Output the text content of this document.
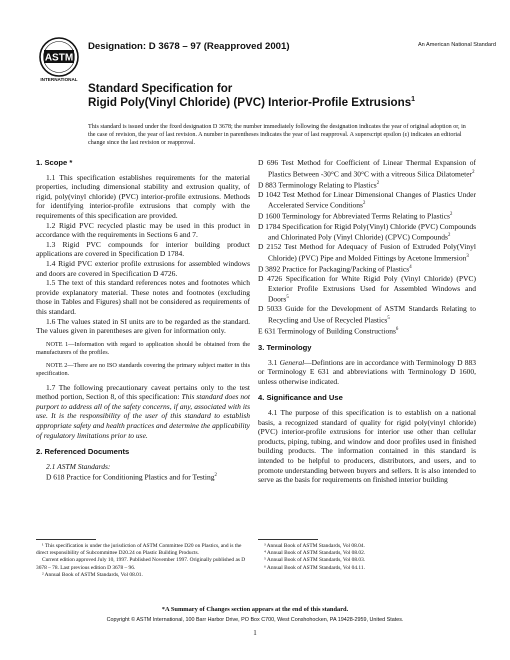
ASTM
INTERNATIONAL
Designation: D 3678 – 97 (Reapproved 2001)	An American National Standard
Standard Specification for
Rigid Poly(Vinyl Chloride) (PVC) Interior-Profile Extrusions$^1$
This standard is issued under the fixed designation D 3678; the number immediately following the designation indicates the year of original adoption or, in the case of revision, the year of last revision. A number in parentheses indicates the year of last reapproval. A superscript epsilon (ε) indicates an editorial change since the last revision or reapproval.
1. Scope *
1.1 This specification establishes requirements for the material properties, including dimensional stability and extrusion quality, of rigid, poly(vinyl chloride) (PVC) interior-profile extrusions. Methods for identifying interior-profile extrusions that comply with the requirements of this specification are provided.
1.2 Rigid PVC recycled plastic may be used in this product in accordance with the requirements in Sections 6 and 7.
1.3 Rigid PVC compounds for interior building product applications are covered in Specification D 1784.
1.4 Rigid PVC exterior profile extrusions for assembled windows and doors are covered in Specification D 4726.
1.5 The text of this standard references notes and footnotes which provide explanatory material. These notes and footnotes (excluding those in Tables and Figures) shall not be considered as requirements of this standard.
1.6 The values stated in SI units are to be regarded as the standard. The values given in parentheses are given for information only.
NOTE 1—Information with regard to application should be obtained from the manufacturers of the profiles.
NOTE 2—There are no ISO standards covering the primary subject matter in this specification.
1.7 The following precautionary caveat pertains only to the test method portion, Section 8, of this specification: This standard does not purport to address all of the safety concerns, if any, associated with its use. It is the responsibility of the user of this standard to establish appropriate safety and health practices and determine the applicability of regulatory limitations prior to use.
2. Referenced Documents
2.1 ASTM Standards:
D 618 Practice for Conditioning Plastics and for Testing$^2$
D 696 Test Method for Coefficient of Linear Thermal Expansion of Plastics Between -30°C and 30°C with a vitreous Silica Dilatometer$^2$
D 883 Terminology Relating to Plastics$^2$
D 1042 Test Method for Linear Dimensional Changes of Plastics Under Accelerated Service Conditions$^2$
D 1600 Terminology for Abbreviated Terms Relating to Plastics$^2$
D 1784 Specification for Rigid Poly(Vinyl) Chloride (PVC) Compounds and Chlorinated Poly (Vinyl Chloride) (CPVC) Compounds$^2$
D 2152 Test Method for Adequacy of Fusion of Extruded Poly(Vinyl Chloride) (PVC) Pipe and Molded Fittings by Acetone Immersion$^3$
D 3892 Practice for Packaging/Packing of Plastics$^4$
D 4726 Specification for White Rigid Poly (Vinyl Chloride) (PVC) Exterior Profile Extrusions Used for Assembled Windows and Doors$^5$
D 5033 Guide for the Development of ASTM Standards Relating to Recycling and Use of Recycled Plastics$^5$
E 631 Terminology of Building Constructions$^6$
3. Terminology
3.1 General—Defintions are in accordance with Terminology D 883 or Terminology E 631 and abbreviations with Terminology D 1600, unless otherwise indicated.
4. Significance and Use
4.1 The purpose of this specification is to establish on a national basis, a recognized standard of quality for rigid poly(vinyl chloride) (PVC) interior-profile extrusions for interior use other than cellular products, piping, tubing, and window and door profiles used in finished building products. The information contained in this standard is intended to be helpful to producers, distributors, and users, and to promote understanding between buyers and sellers. It is also intended to serve as the basis for requirements on finished interior building
¹ This specification is under the jurisdiction of ASTM Committee D20 on Plastics, and is the direct responsibility of Subcommittee D20.24 on Plastic Building Products.
Current edition approved July 10, 1997. Published November 1997. Originally published as D 3678 – 78. Last previous edition D 3678 – 96.
² Annual Book of ASTM Standards, Vol 08.01.
³ Annual Book of ASTM Standards, Vol 08.04.
⁴ Annual Book of ASTM Standards, Vol 08.02.
⁵ Annual Book of ASTM Standards, Vol 08.03.
⁶ Annual Book of ASTM Standards, Vol 04.11.
*A Summary of Changes section appears at the end of this standard.
Copyright © ASTM International, 100 Barr Harbor Drive, PO Box C700, West Conshohocken, PA 19428-2959, United States.
1
